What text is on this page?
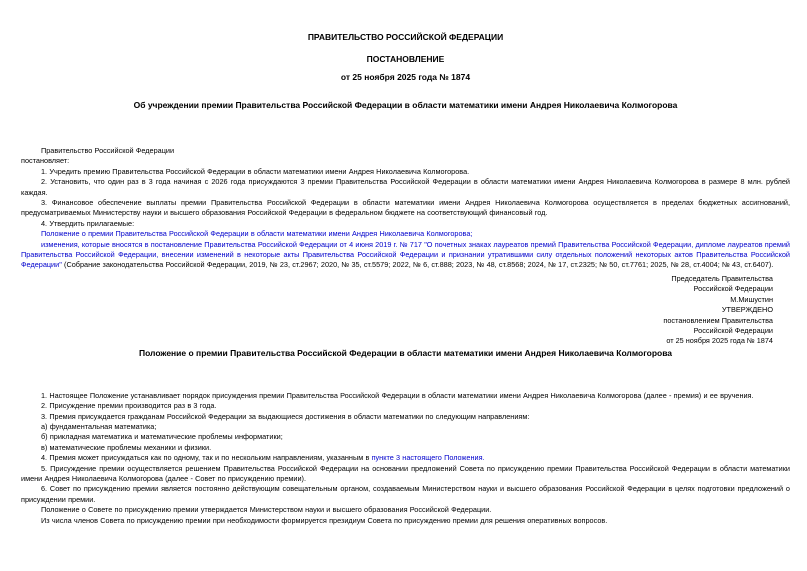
ПРАВИТЕЛЬСТВО РОССИЙСКОЙ ФЕДЕРАЦИИ

ПОСТАНОВЛЕНИЕ

от 25 ноября 2025 года № 1874

Об учреждении премии Правительства Российской Федерации в области математики имени Андрея Николаевича Колмогорова

Правительство Российской Федерации

постановляет:

1. Учредить премию Правительства Российской Федерации в области математики имени Андрея Николаевича Колмогорова.

2. Установить, что один раз в 3 года начиная с 2026 года присуждаются 3 премии Правительства Российской Федерации в области математики имени Андрея Николаевича Колмогорова в размере 8 млн. рублей каждая.

3. Финансовое обеспечение выплаты премии Правительства Российской Федерации в области математики имени Андрея Николаевича Колмогорова осуществляется в пределах бюджетных ассигнований, предусматриваемых Министерству науки и высшего образования Российской Федерации в федеральном бюджете на соответствующий финансовый год.

4. Утвердить прилагаемые:

Положение о премии Правительства Российской Федерации в области математики имени Андрея Николаевича Колмогорова;

изменения, которые вносятся в постановление Правительства Российской Федерации от 4 июня 2019 г. № 717 "О почетных знаках лауреатов премий Правительства Российской Федерации, дипломе лауреатов премий Правительства Российской Федерации, внесении изменений в некоторые акты Правительства Российской Федерации и признании утратившими силу отдельных положений некоторых актов Правительства Российской Федерации" (Собрание законодательства Российской Федерации, 2019, № 23, ст.2967; 2020, № 35, ст.5579; 2022, № 6, ст.888; 2023, № 48, ст.8568; 2024, № 17, ст.2325; № 50, ст.7761; 2025, № 28, ст.4004; № 43, ст.6407).

Председатель Правительства
Российской Федерации
М.Мишустин
УТВЕРЖДЕНО
постановлением Правительства
Российской Федерации
от 25 ноября 2025 года № 1874

Положение о премии Правительства Российской Федерации в области математики имени Андрея Николаевича Колмогорова

1. Настоящее Положение устанавливает порядок присуждения премии Правительства Российской Федерации в области математики имени Андрея Николаевича Колмогорова (далее - премия) и ее вручения.

2. Присуждение премии производится раз в 3 года.

3. Премия присуждается гражданам Российской Федерации за выдающиеся достижения в области математики по следующим направлениям:

а) фундаментальная математика;

б) прикладная математика и математические проблемы информатики;

в) математические проблемы механики и физики.

4. Премия может присуждаться как по одному, так и по нескольким направлениям, указанным в пункте 3 настоящего Положения.

5. Присуждение премии осуществляется решением Правительства Российской Федерации на основании предложений Совета по присуждению премии Правительства Российской Федерации в области математики имени Андрея Николаевича Колмогорова (далее - Совет по присуждению премии).

6. Совет по присуждению премии является постоянно действующим совещательным органом, создаваемым Министерством науки и высшего образования Российской Федерации в целях подготовки предложений о присуждении премии.

Положение о Совете по присуждению премии утверждается Министерством науки и высшего образования Российской Федерации.

Из числа членов Совета по присуждению премии при необходимости формируется президиум Совета по присуждению премии для решения оперативных вопросов.
